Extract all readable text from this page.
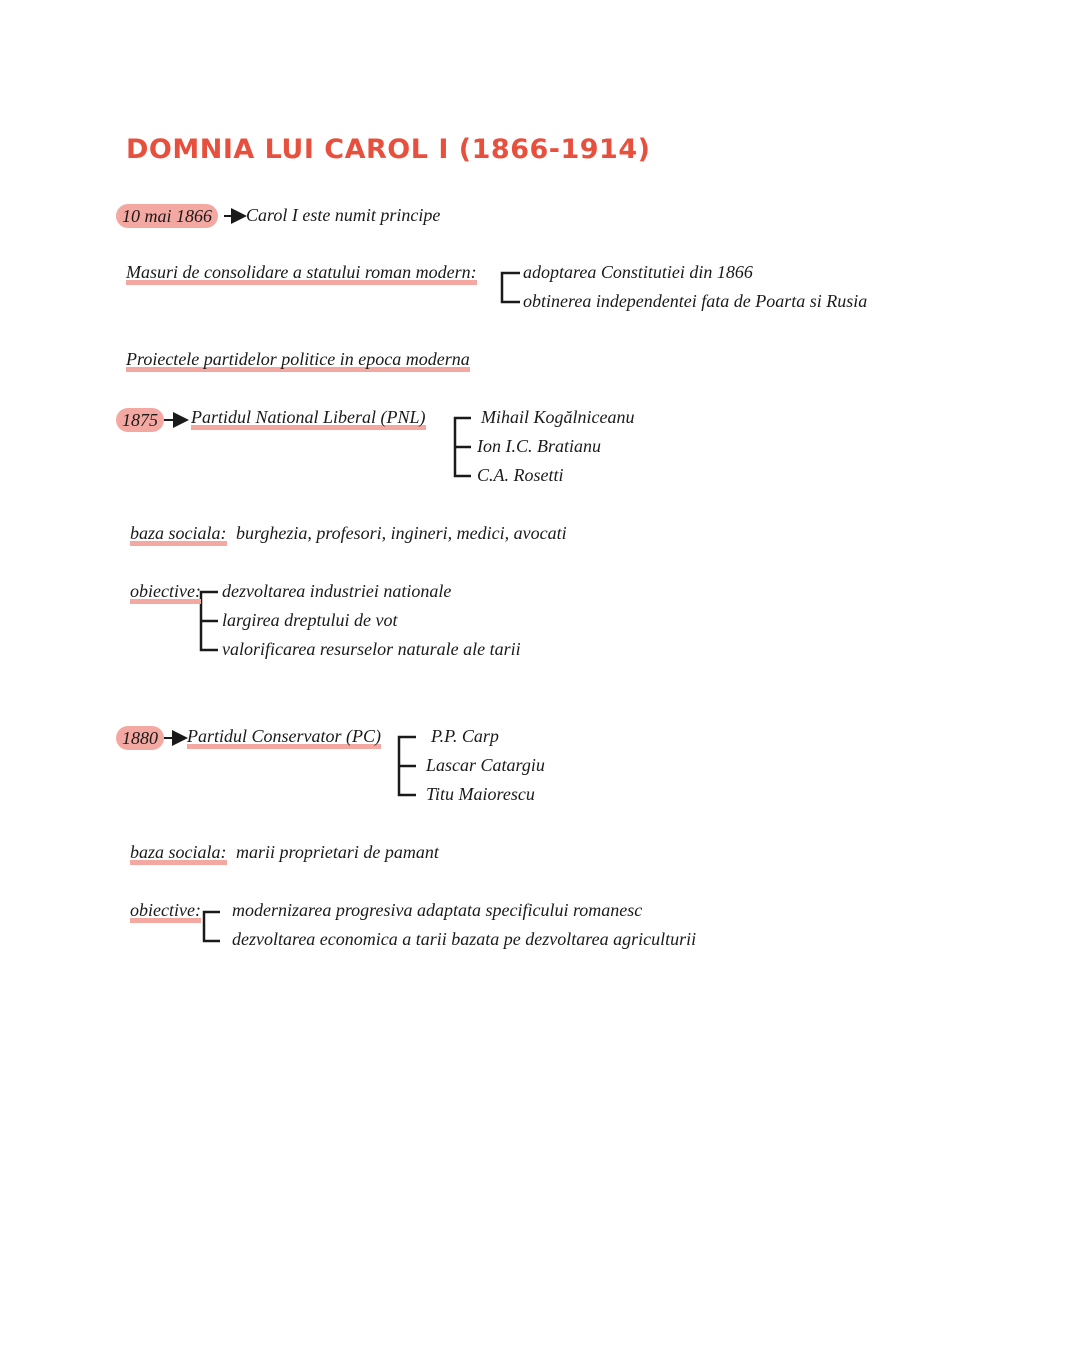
DOMNIA LUI CAROL I (1866-1914)
10 mai 1866	Carol I este numit principe
Masuri de consolidare a statului roman modern:	adoptarea Constitutiei din 1866
obtinerea independentei fata de Poarta si Rusia
Proiectele partidelor politice in epoca moderna
1875	Partidul National Liberal (PNL)	Mihail Kogălniceanu
Ion I.C. Bratianu
C.A. Rosetti
baza sociala: burghezia, profesori, ingineri, medici, avocati
obiective: dezvoltarea industriei nationale
largirea dreptului de vot
valorificarea resurselor naturale ale tarii
1880	Partidul Conservator (PC)	P.P. Carp
Lascar Catargiu
Titu Maiorescu
baza sociala: marii proprietari de pamant
obiective: modernizarea progresiva adaptata specificului romanesc
dezvoltarea economica a tarii bazata pe dezvoltarea agriculturii
